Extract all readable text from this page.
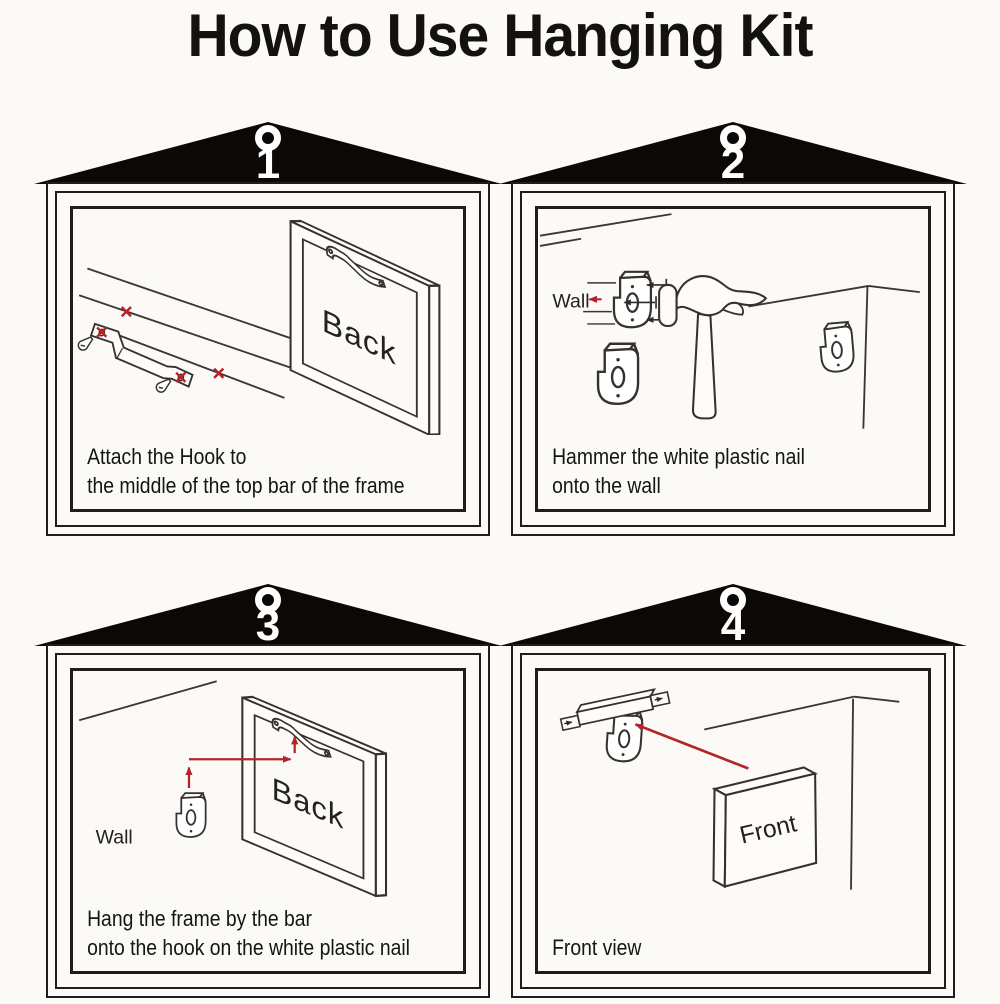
How to Use Hanging Kit
1
Back
Attach the Hook to
the middle of the top bar of the frame
2
Wall
Hammer the white plastic nail
onto the wall
3
Wall
Back
Hang the frame by the bar
onto the hook on the white plastic nail
4
Front
Front view
